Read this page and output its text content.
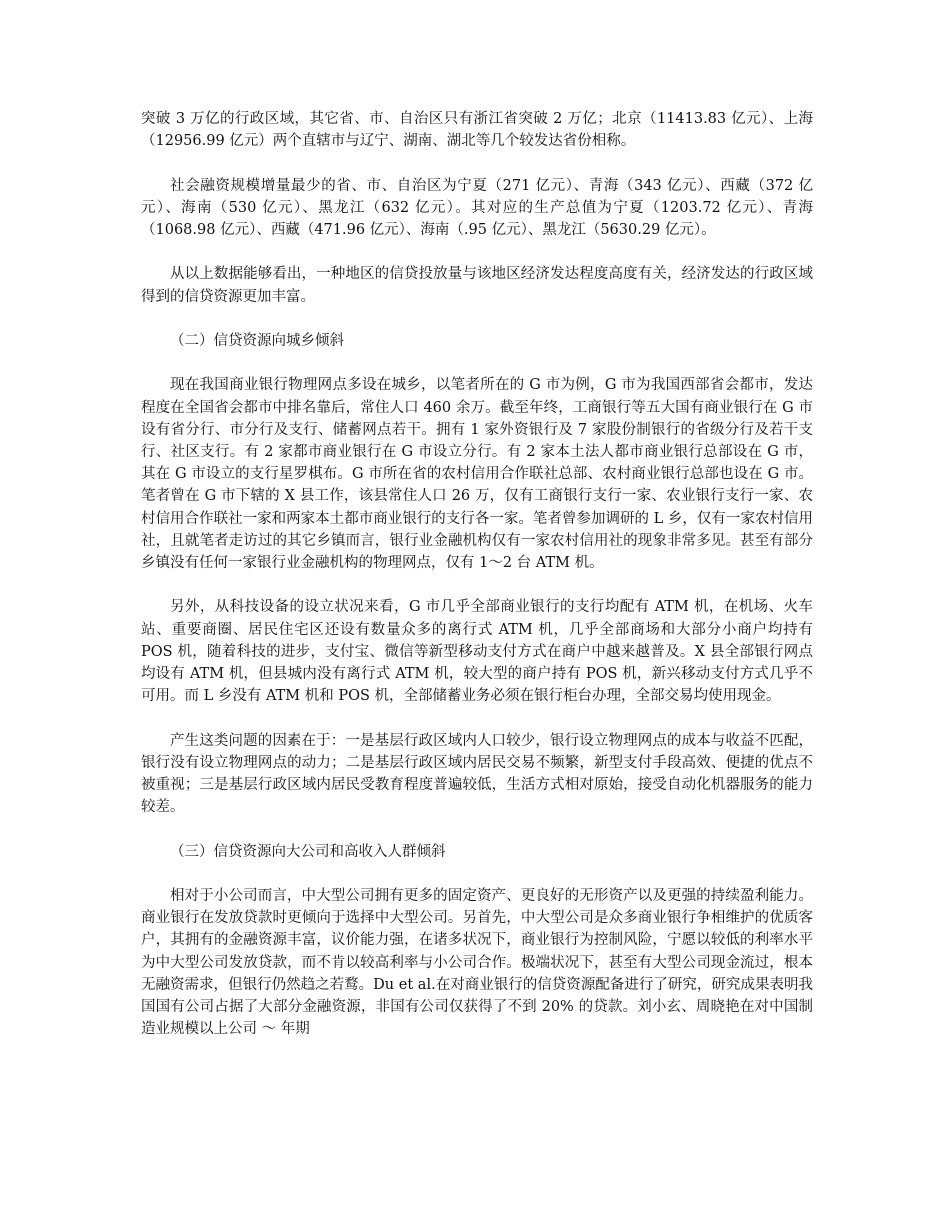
突破 3 万亿的行政区域，其它省、市、自治区只有浙江省突破 2 万亿；北京（11413.83 亿元）、上海（12956.99 亿元）两个直辖市与辽宁、湖南、湖北等几个较发达省份相称。

社会融资规模增量最少的省、市、自治区为宁夏（271 亿元）、青海（343 亿元）、西藏（372 亿元）、海南（530 亿元）、黑龙江（632 亿元）。其对应的生产总值为宁夏（1203.72 亿元）、青海（1068.98 亿元）、西藏（471.96 亿元）、海南（.95 亿元）、黑龙江（5630.29 亿元）。

从以上数据能够看出，一种地区的信贷投放量与该地区经济发达程度高度有关，经济发达的行政区域得到的信贷资源更加丰富。

（二）信贷资源向城乡倾斜

现在我国商业银行物理网点多设在城乡，以笔者所在的 G 市为例，G 市为我国西部省会都市，发达程度在全国省会都市中排名靠后，常住人口 460 余万。截至年终，工商银行等五大国有商业银行在 G 市设有省分行、市分行及支行、储蓄网点若干。拥有 1 家外资银行及 7 家股份制银行的省级分行及若干支行、社区支行。有 2 家都市商业银行在 G 市设立分行。有 2 家本土法人都市商业银行总部设在 G 市，其在 G 市设立的支行星罗棋布。G 市所在省的农村信用合作联社总部、农村商业银行总部也设在 G 市。笔者曾在 G 市下辖的 X 县工作，该县常住人口 26 万，仅有工商银行支行一家、农业银行支行一家、农村信用合作联社一家和两家本土都市商业银行的支行各一家。笔者曾参加调研的 L 乡，仅有一家农村信用社，且就笔者走访过的其它乡镇而言，银行业金融机构仅有一家农村信用社的现象非常多见。甚至有部分乡镇没有任何一家银行业金融机构的物理网点，仅有 1～2 台 ATM 机。

另外，从科技设备的设立状况来看，G 市几乎全部商业银行的支行均配有 ATM 机，在机场、火车站、重要商圈、居民住宅区还设有数量众多的离行式 ATM 机，几乎全部商场和大部分小商户均持有 POS 机，随着科技的进步，支付宝、微信等新型移动支付方式在商户中越来越普及。X 县全部银行网点均设有 ATM 机，但县城内没有离行式 ATM 机，较大型的商户持有 POS 机，新兴移动支付方式几乎不可用。而 L 乡没有 ATM 机和 POS 机，全部储蓄业务必须在银行柜台办理，全部交易均使用现金。

产生这类问题的因素在于：一是基层行政区域内人口较少，银行设立物理网点的成本与收益不匹配，银行没有设立物理网点的动力；二是基层行政区域内居民交易不频繁，新型支付手段高效、便捷的优点不被重视；三是基层行政区域内居民受教育程度普遍较低，生活方式相对原始，接受自动化机器服务的能力较差。

（三）信贷资源向大公司和高收入人群倾斜

相对于小公司而言，中大型公司拥有更多的固定资产、更良好的无形资产以及更强的持续盈利能力。商业银行在发放贷款时更倾向于选择中大型公司。另首先，中大型公司是众多商业银行争相维护的优质客户，其拥有的金融资源丰富，议价能力强，在诸多状况下，商业银行为控制风险，宁愿以较低的利率水平为中大型公司发放贷款，而不肯以较高利率与小公司合作。极端状况下，甚至有大型公司现金流过，根本无融资需求，但银行仍然趋之若鹜。Du et al.在对商业银行的信贷资源配备进行了研究，研究成果表明我国国有公司占据了大部分金融资源，非国有公司仅获得了不到 20% 的贷款。刘小玄、周晓艳在对中国制造业规模以上公司 ～ 年期
